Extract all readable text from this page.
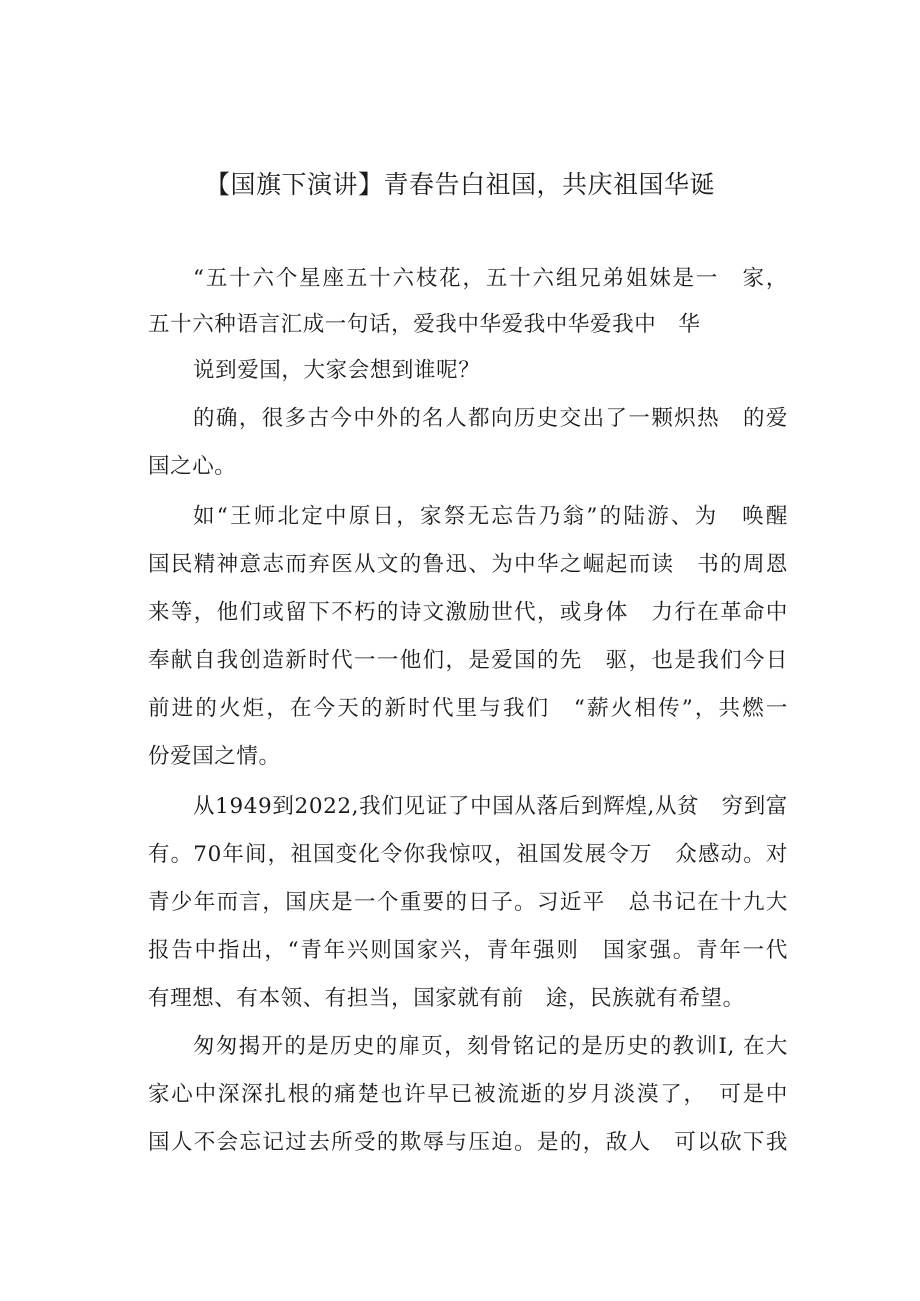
【国旗下演讲】青春告白祖国，共庆祖国华诞
“五十六个星座五十六枝花，五十六组兄弟姐妹是一　家，
五十六种语言汇成一句话，爱我中华爱我中华爱我中　华
说到爱国，大家会想到谁呢？
的确，很多古今中外的名人都向历史交出了一颗炽热　的爱
国之心。
如“王师北定中原日，家祭无忘告乃翁”的陆游、为　唤醒
国民精神意志而弃医从文的鲁迅、为中华之崛起而读　书的周恩
来等，他们或留下不朽的诗文激励世代，或身体　力行在革命中
奉献自我创造新时代一一他们，是爱国的先　驱，也是我们今日
前进的火炬，在今天的新时代里与我们　“薪火相传”，共燃一
份爱国之情。
从1949到2022,我们见证了中国从落后到辉煌,从贫　穷到富
有。70年间，祖国变化令你我惊叹，祖国发展令万　众感动。对
青少年而言，国庆是一个重要的日子。习近平　总书记在十九大
报告中指出，“青年兴则国家兴，青年强则　国家强。青年一代
有理想、有本领、有担当，国家就有前　途，民族就有希望。
匆匆揭开的是历史的扉页，刻骨铭记的是历史的教训I, 在大
家心中深深扎根的痛楚也许早已被流逝的岁月淡漠了，　可是中
国人不会忘记过去所受的欺辱与压迫。是的，敌人　可以砍下我
